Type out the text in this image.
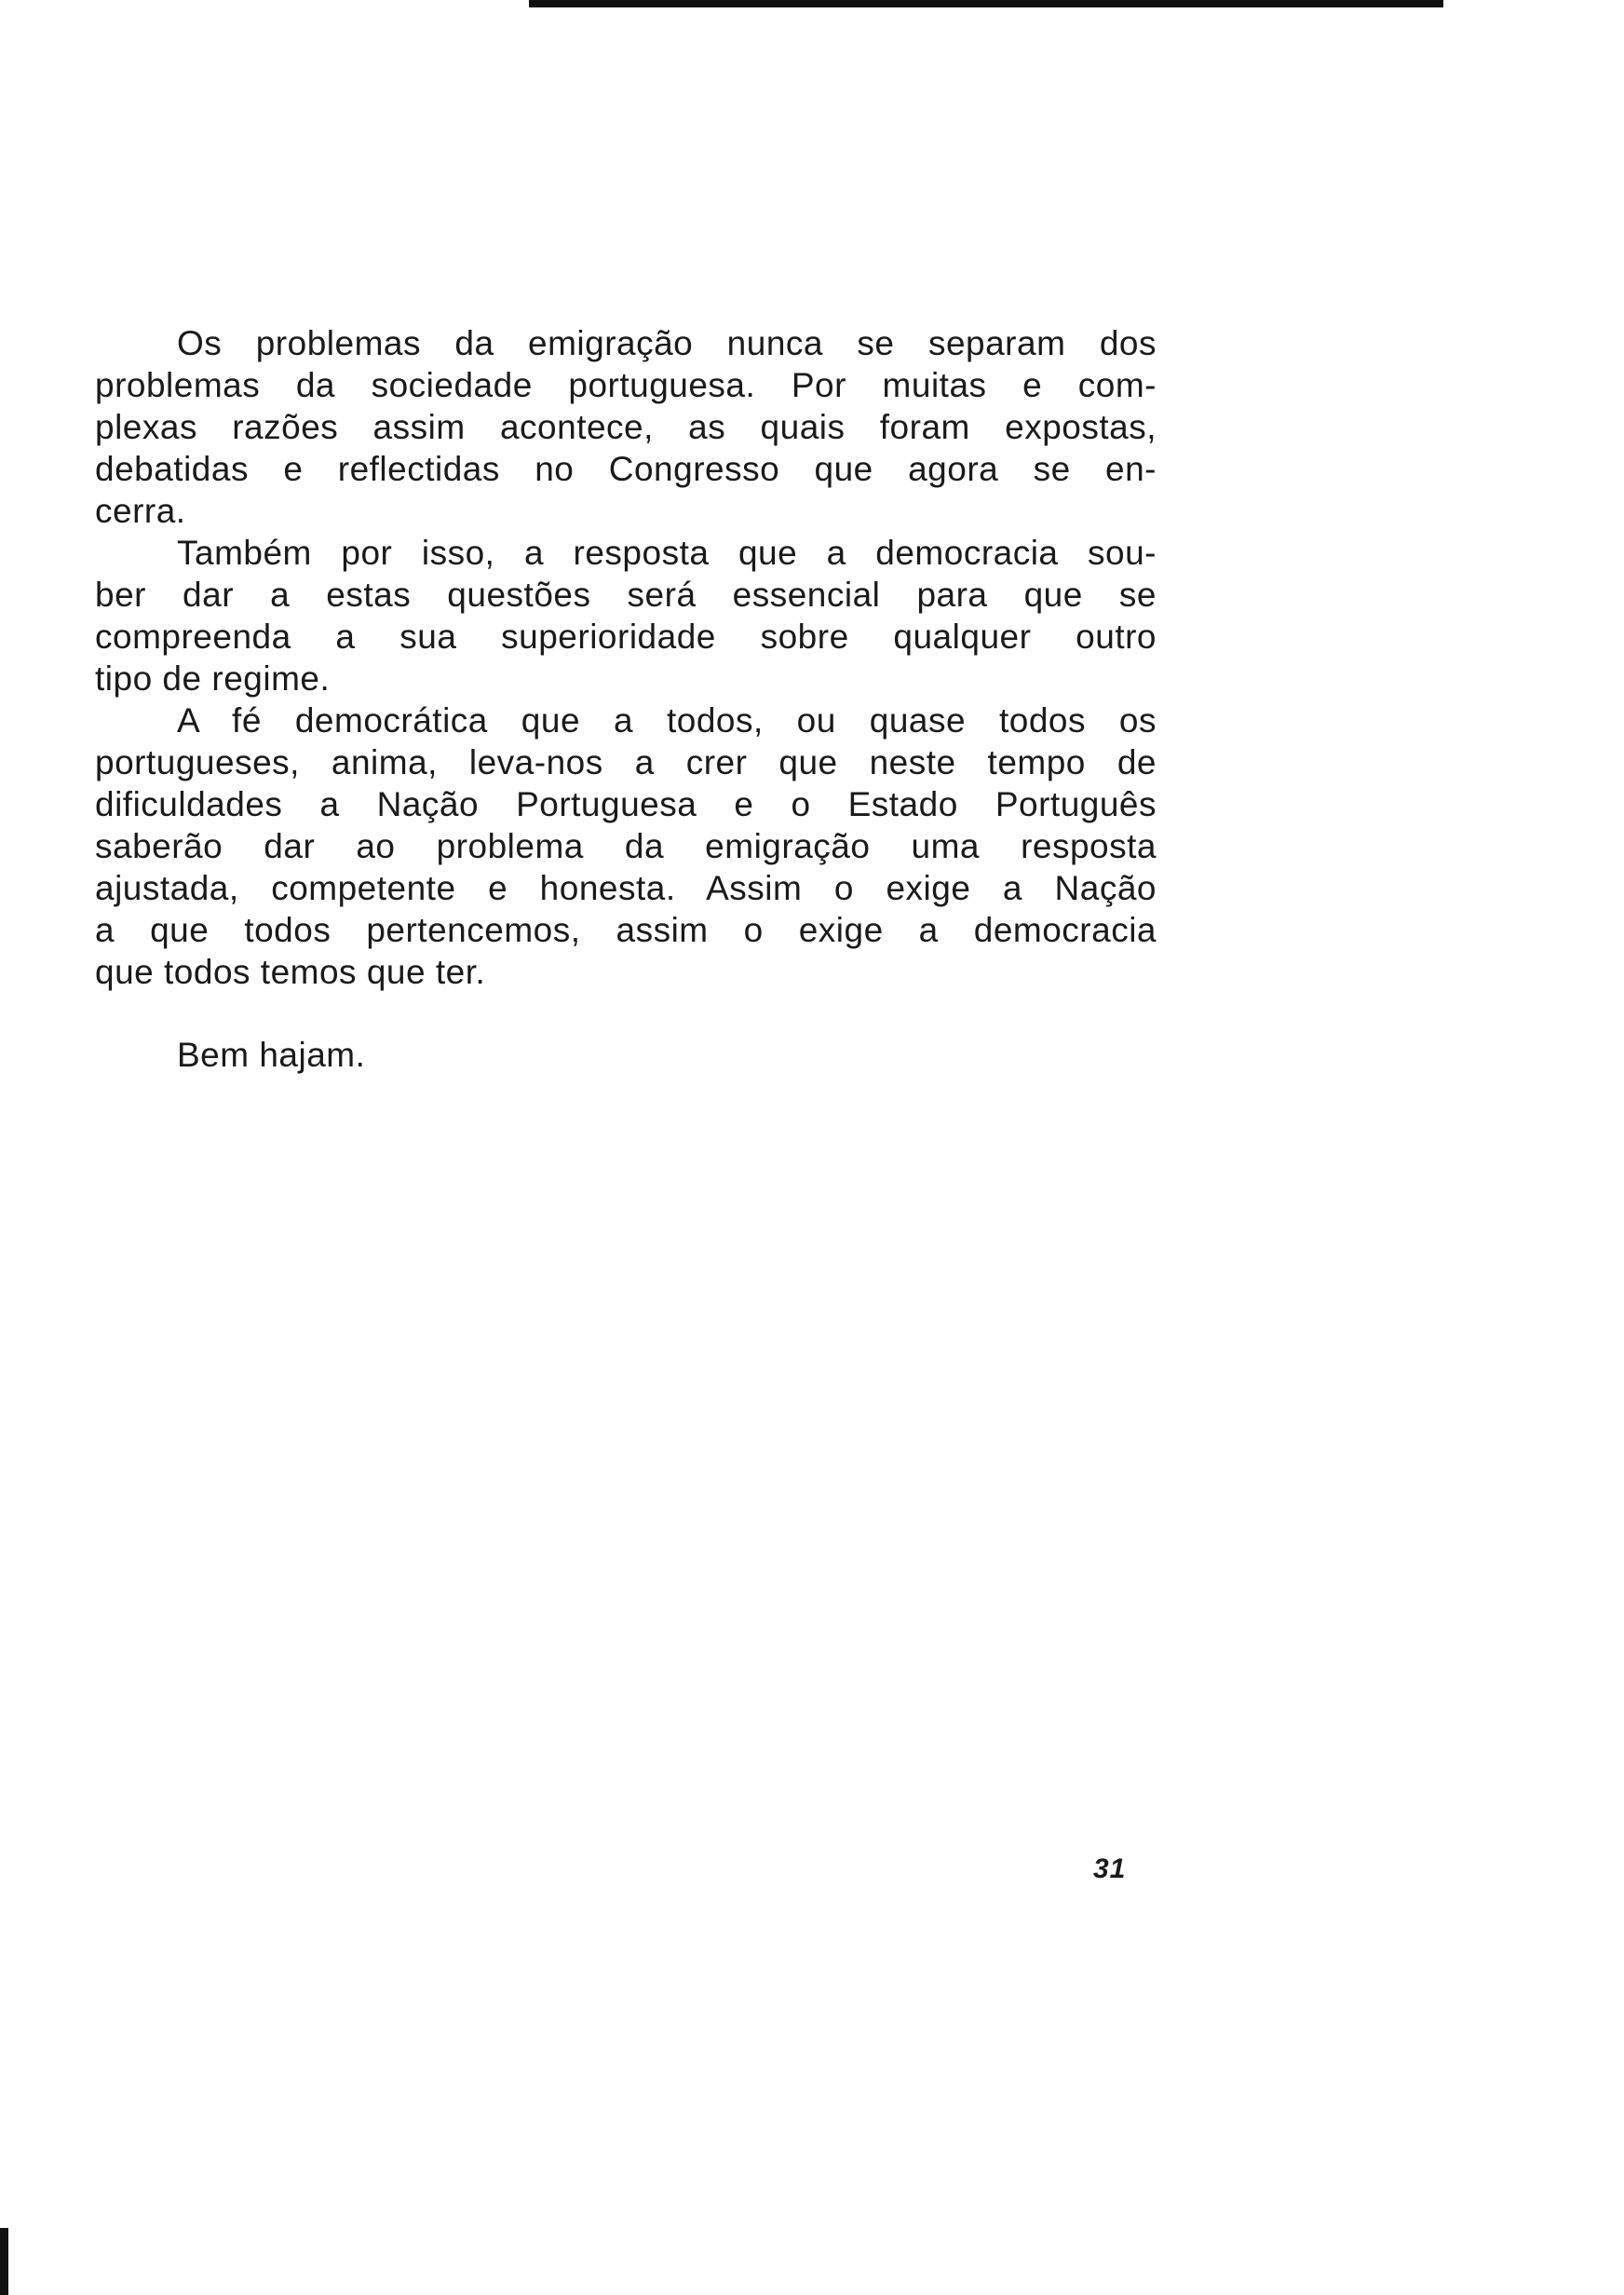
Os problemas da emigração nunca se separam dos
problemas da sociedade portuguesa. Por muitas e com-
plexas razões assim acontece, as quais foram expostas,
debatidas e reflectidas no Congresso que agora se en-
cerra.
Também por isso, a resposta que a democracia sou-
ber dar a estas questões será essencial para que se
compreenda a sua superioridade sobre qualquer outro
tipo de regime.
A fé democrática que a todos, ou quase todos os
portugueses, anima, leva-nos a crer que neste tempo de
dificuldades a Nação Portuguesa e o Estado Português
saberão dar ao problema da emigração uma resposta
ajustada, competente e honesta. Assim o exige a Nação
a que todos pertencemos, assim o exige a democracia
que todos temos que ter.
Bem hajam.
31
